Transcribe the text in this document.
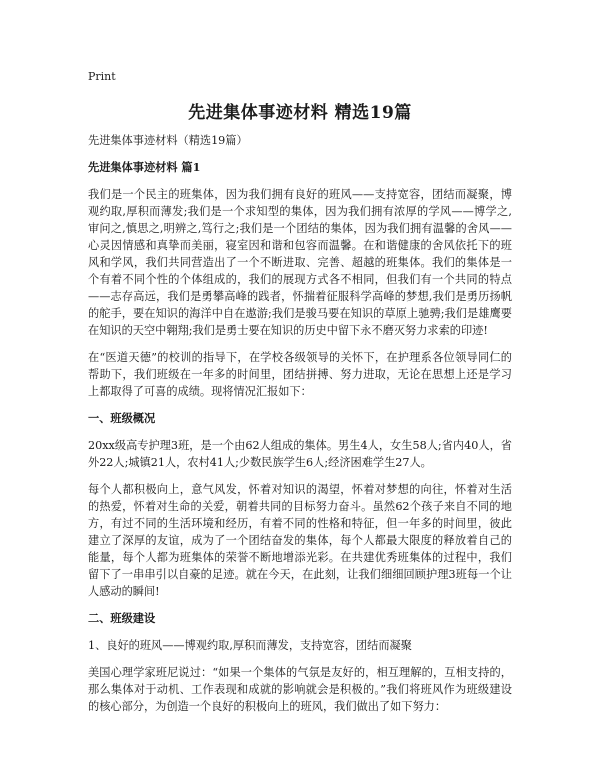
Print
先进集体事迹材料 精选19篇

先进集体事迹材料（精选19篇）

先进集体事迹材料 篇1

我们是一个民主的班集体，因为我们拥有良好的班风——支持宽容，团结而凝聚，博观约取,厚积而薄发;我们是一个求知型的集体，因为我们拥有浓厚的学风——博学之,审问之,慎思之,明辨之,笃行之;我们是一个团结的集体，因为我们拥有温馨的舍风——心灵因情感和真挚而美丽，寝室因和谐和包容而温馨。在和谐健康的舍风依托下的班风和学风，我们共同营造出了一个不断进取、完善、超越的班集体。我们的集体是一个有着不同个性的个体组成的，我们的展现方式各不相同，但我们有一个共同的特点——志存高远，我们是勇攀高峰的践者，怀揣着征服科学高峰的梦想,我们是勇历扬帆的舵手，要在知识的海洋中自在遨游;我们是骏马要在知识的草原上驰骋;我们是雄鹰要在知识的天空中翱翔;我们是勇士要在知识的历史中留下永不磨灭努力求索的印迹!

在“医道天德”的校训的指导下，在学校各级领导的关怀下，在护理系各位领导同仁的帮助下，我们班级在一年多的时间里，团结拼搏、努力进取，无论在思想上还是学习上都取得了可喜的成绩。现将情况汇报如下：

一、班级概况

20xx级高专护理3班，是一个由62人组成的集体。男生4人，女生58人;省内40人，省外22人;城镇21人，农村41人;少数民族学生6人;经济困难学生27人。

每个人都积极向上，意气风发，怀着对知识的渴望，怀着对梦想的向往，怀着对生活的热爱，怀着对生命的关爱，朝着共同的目标努力奋斗。虽然62个孩子来自不同的地方，有过不同的生活环境和经历，有着不同的性格和特征，但一年多的时间里，彼此建立了深厚的友谊，成为了一个团结奋发的集体，每个人都最大限度的释放着自己的能量，每个人都为班集体的荣誉不断地增添光彩。在共建优秀班集体的过程中，我们留下了一串串引以自豪的足迹。就在今天，在此刻，让我们细细回顾护理3班每一个让人感动的瞬间!

二、班级建设

1、良好的班风——博观约取,厚积而薄发，支持宽容，团结而凝聚

美国心理学家班尼说过：“如果一个集体的气氛是友好的，相互理解的，互相支持的，那么集体对于动机、工作表现和成就的影响就会是积极的。”我们将班风作为班级建设的核心部分，为创造一个良好的积极向上的班风，我们做出了如下努力：
